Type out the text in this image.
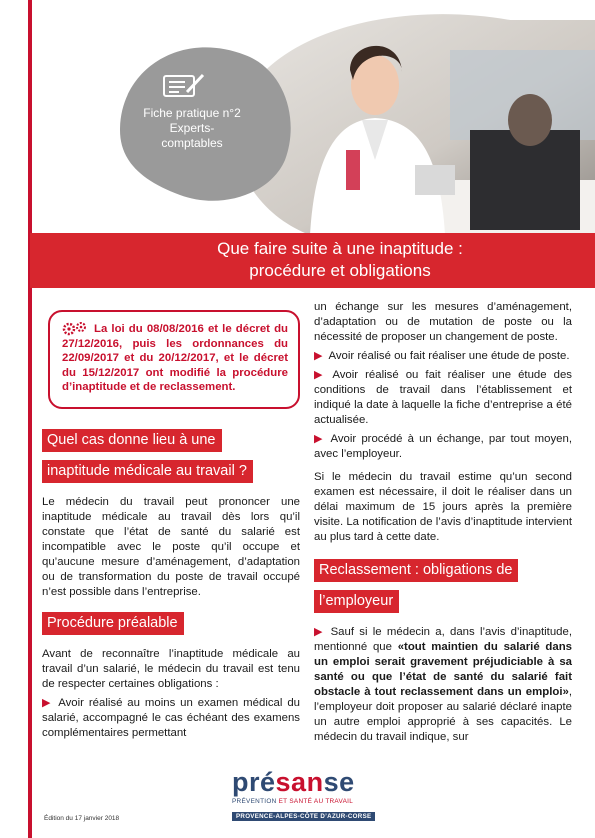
Fiche pratique n°2
Experts-
comptables
Que faire suite à une inaptitude :
procédure et obligations
La loi du 08/08/2016 et le décret du 27/12/2016, puis les ordonnances du 22/09/2017 et du 20/12/2017, et le décret du 15/12/2017 ont modifié la procédure d’inaptitude et de reclassement.
Quel cas donne lieu à une
inaptitude médicale au travail ?

Le médecin du travail peut prononcer une inaptitude médicale au travail dès lors qu’il constate que l’état de santé du salarié est incompatible avec le poste qu’il occupe et qu’aucune mesure d’aménagement, d’adaptation ou de transformation du poste de travail occupé n’est possible dans l’entreprise.

Procédure préalable

Avant de reconnaître l’inaptitude médicale au travail d’un salarié, le médecin du travail est tenu de respecter certaines obligations :

▶ Avoir réalisé au moins un examen médical du salarié, accompagné le cas échéant des examens complémentaires permettant

un échange sur les mesures d’aménagement, d’adaptation ou de mutation de poste ou la nécessité de proposer un changement de poste.

▶ Avoir réalisé ou fait réaliser une étude de poste.

▶ Avoir réalisé ou fait réaliser une étude des conditions de travail dans l’établissement et indiqué la date à laquelle la fiche d’entreprise a été actualisée.

▶ Avoir procédé à un échange, par tout moyen, avec l’employeur.

Si le médecin du travail estime qu’un second examen est nécessaire, il doit le réaliser dans un délai maximum de 15 jours après la première visite. La notification de l’avis d’inaptitude intervient au plus tard à cette date.

Reclassement : obligations de
l’employeur

▶ Sauf si le médecin a, dans l’avis d’inaptitude, mentionné que «tout maintien du salarié dans un emploi serait gravement préjudiciable à sa santé ou que l’état de santé du salarié fait obstacle à tout reclassement dans un emploi», l’employeur doit proposer au salarié déclaré inapte un autre emploi approprié à ses capacités. Le médecin du travail indique, sur

Édition du 17 janvier 2018
présanse
PRÉVENTION ET SANTÉ AU TRAVAIL
PROVENCE-ALPES-CÔTE D’AZUR-CORSE
